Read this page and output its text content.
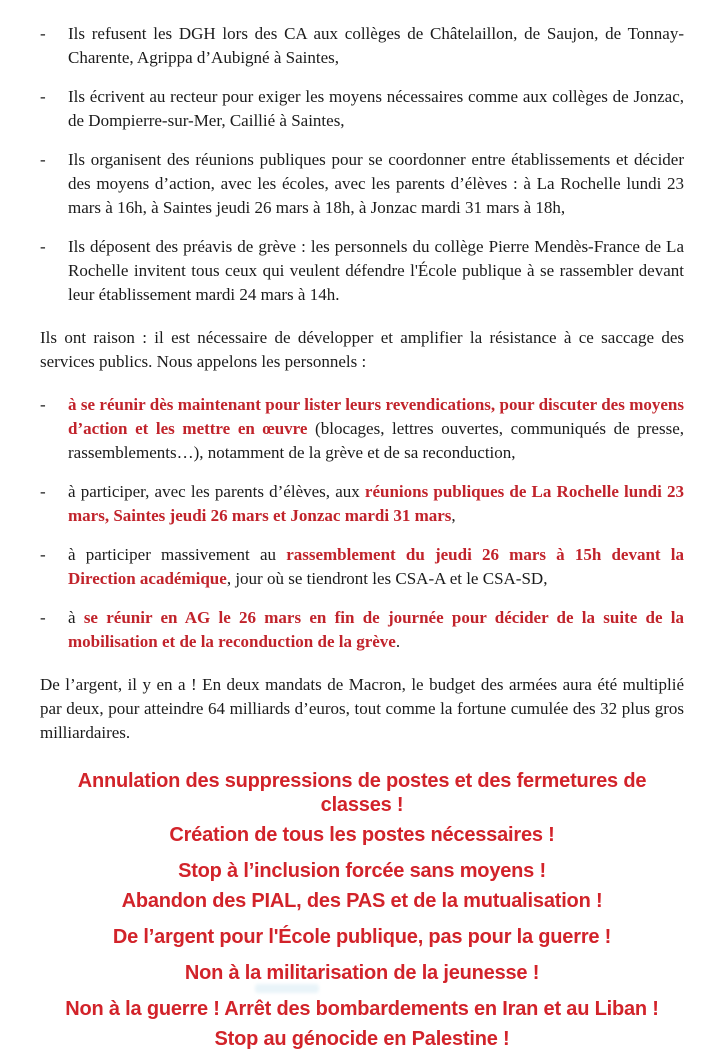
-	Ils refusent les DGH lors des CA aux collèges de Châtelaillon, de Saujon, de Tonnay-Charente, Agrippa d’Aubigné à Saintes,
-	Ils écrivent au recteur pour exiger les moyens nécessaires comme aux collèges de Jonzac, de Dompierre-sur-Mer, Caillié à Saintes,
-	Ils organisent des réunions publiques pour se coordonner entre établissements et décider des moyens d’action, avec les écoles, avec les parents d’élèves : à La Rochelle lundi 23 mars à 16h, à Saintes jeudi 26 mars à 18h, à Jonzac mardi 31 mars à 18h,
-	Ils déposent des préavis de grève : les personnels du collège Pierre Mendès-France de La Rochelle invitent tous ceux qui veulent défendre l'École publique à se rassembler devant leur établissement mardi 24 mars à 14h.

Ils ont raison : il est nécessaire de développer et amplifier la résistance à ce saccage des services publics. Nous appelons les personnels :

-	à se réunir dès maintenant pour lister leurs revendications, pour discuter des moyens d’action et les mettre en œuvre (blocages, lettres ouvertes, communiqués de presse, rassemblements…), notamment de la grève et de sa reconduction,
-	à participer, avec les parents d’élèves, aux réunions publiques de La Rochelle lundi 23 mars, Saintes jeudi 26 mars et Jonzac mardi 31 mars,
-	à participer massivement au rassemblement du jeudi 26 mars à 15h devant la Direction académique, jour où se tiendront les CSA-A et le CSA-SD,
-	à se réunir en AG le 26 mars en fin de journée pour décider de la suite de la mobilisation et de la reconduction de la grève.

De l’argent, il y en a ! En deux mandats de Macron, le budget des armées aura été multiplié par deux, pour atteindre 64 milliards d’euros, tout comme la fortune cumulée des 32 plus gros milliardaires.

Annulation des suppressions de postes et des fermetures de classes !
Création de tous les postes nécessaires !
Stop à l’inclusion forcée sans moyens !
Abandon des PIAL, des PAS et de la mutualisation !
De l’argent pour l'École publique, pas pour la guerre !
Non à la militarisation de la jeunesse !
Non à la guerre ! Arrêt des bombardements en Iran et au Liban !
Stop au génocide en Palestine !
